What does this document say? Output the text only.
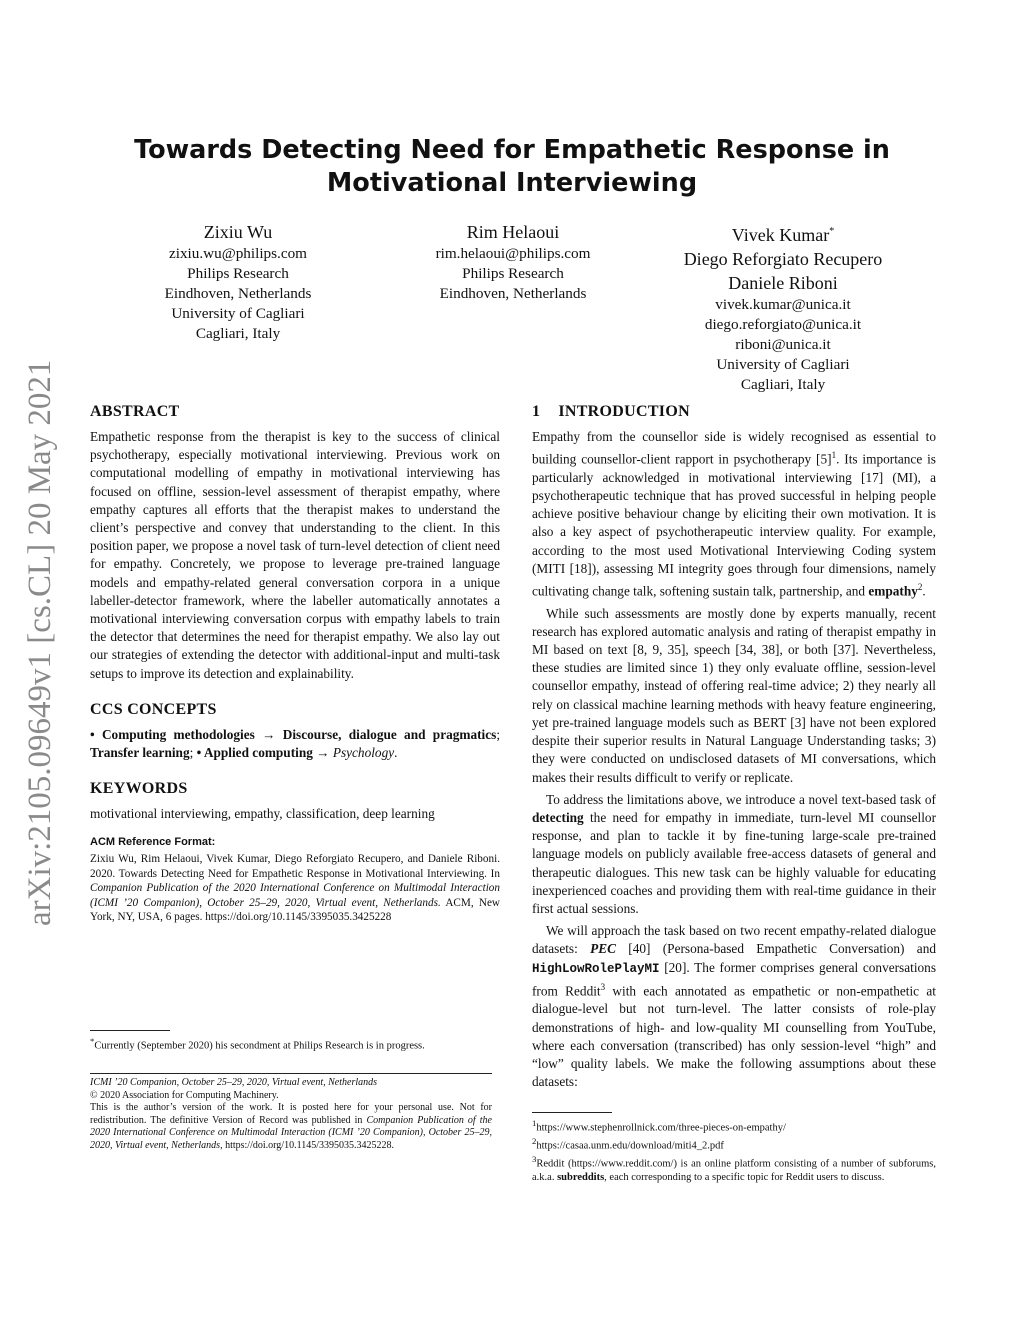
arXiv:2105.09649v1 [cs.CL] 20 May 2021
Towards Detecting Need for Empathetic Response in
Motivational Interviewing
Zixiu Wu
zixiu.wu@philips.com
Philips Research
Eindhoven, Netherlands
University of Cagliari
Cagliari, Italy
Rim Helaoui
rim.helaoui@philips.com
Philips Research
Eindhoven, Netherlands
Vivek Kumar*
Diego Reforgiato Recupero
Daniele Riboni
vivek.kumar@unica.it
diego.reforgiato@unica.it
riboni@unica.it
University of Cagliari
Cagliari, Italy
ABSTRACT

Empathetic response from the therapist is key to the success of clinical psychotherapy, especially motivational interviewing. Previous work on computational modelling of empathy in motivational interviewing has focused on offline, session-level assessment of therapist empathy, where empathy captures all efforts that the therapist makes to understand the client’s perspective and convey that understanding to the client. In this position paper, we propose a novel task of turn-level detection of client need for empathy. Concretely, we propose to leverage pre-trained language models and empathy-related general conversation corpora in a unique labeller-detector framework, where the labeller automatically annotates a motivational interviewing conversation corpus with empathy labels to train the detector that determines the need for therapist empathy. We also lay out our strategies of extending the detector with additional-input and multi-task setups to improve its detection and explainability.

CCS CONCEPTS

• Computing methodologies → Discourse, dialogue and pragmatics; Transfer learning; • Applied computing → Psychology.

KEYWORDS

motivational interviewing, empathy, classification, deep learning

ACM Reference Format:

Zixiu Wu, Rim Helaoui, Vivek Kumar, Diego Reforgiato Recupero, and Daniele Riboni. 2020. Towards Detecting Need for Empathetic Response in Motivational Interviewing. In Companion Publication of the 2020 International Conference on Multimodal Interaction (ICMI ’20 Companion), October 25–29, 2020, Virtual event, Netherlands. ACM, New York, NY, USA, 6 pages. https://doi.org/10.1145/3395035.3425228

*Currently (September 2020) his secondment at Philips Research is in progress.
ICMI ’20 Companion, October 25–29, 2020, Virtual event, Netherlands
© 2020 Association for Computing Machinery.
This is the author’s version of the work. It is posted here for your personal use. Not for redistribution. The definitive Version of Record was published in Companion Publication of the 2020 International Conference on Multimodal Interaction (ICMI ’20 Companion), October 25–29, 2020, Virtual event, Netherlands, https://doi.org/10.1145/3395035.3425228.
1 INTRODUCTION

Empathy from the counsellor side is widely recognised as essential to building counsellor-client rapport in psychotherapy $[5]^1$. Its importance is particularly acknowledged in motivational interviewing [17] (MI), a psychotherapeutic technique that has proved successful in helping people achieve positive behaviour change by eliciting their own motivation. It is also a key aspect of psychotherapeutic interview quality. For example, according to the most used Motivational Interviewing Coding system (MITI [18]), assessing MI integrity goes through four dimensions, namely cultivating change talk, softening sustain talk, partnership, and empathy$^2$.

While such assessments are mostly done by experts manually, recent research has explored automatic analysis and rating of therapist empathy in MI based on text [8, 9, 35], speech [34, 38], or both [37]. Nevertheless, these studies are limited since 1) they only evaluate offline, session-level counsellor empathy, instead of offering real-time advice; 2) they nearly all rely on classical machine learning methods with heavy feature engineering, yet pre-trained language models such as BERT [3] have not been explored despite their superior results in Natural Language Understanding tasks; 3) they were conducted on undisclosed datasets of MI conversations, which makes their results difficult to verify or replicate.

To address the limitations above, we introduce a novel text-based task of detecting the need for empathy in immediate, turn-level MI counsellor response, and plan to tackle it by fine-tuning large-scale pre-trained language models on publicly available free-access datasets of general and therapeutic dialogues. This new task can be highly valuable for educating inexperienced coaches and providing them with real-time guidance in their first actual sessions.

We will approach the task based on two recent empathy-related dialogue datasets: PEC [40] (Persona-based Empathetic Conversation) and HighLowRolePlayMI [20]. The former comprises general conversations from Reddit$^3$ with each annotated as empathetic or non-empathetic at dialogue-level but not turn-level. The latter consists of role-play demonstrations of high- and low-quality MI counselling from YouTube, where each conversation (transcribed) has only session-level “high” and “low” quality labels. We make the following assumptions about these datasets:

$^1$https://www.stephenrollnick.com/three-pieces-on-empathy/
$^2$https://casaa.unm.edu/download/miti4_2.pdf
$^3$Reddit (https://www.reddit.com/) is an online platform consisting of a number of subforums, a.k.a. subreddits, each corresponding to a specific topic for Reddit users to discuss.
